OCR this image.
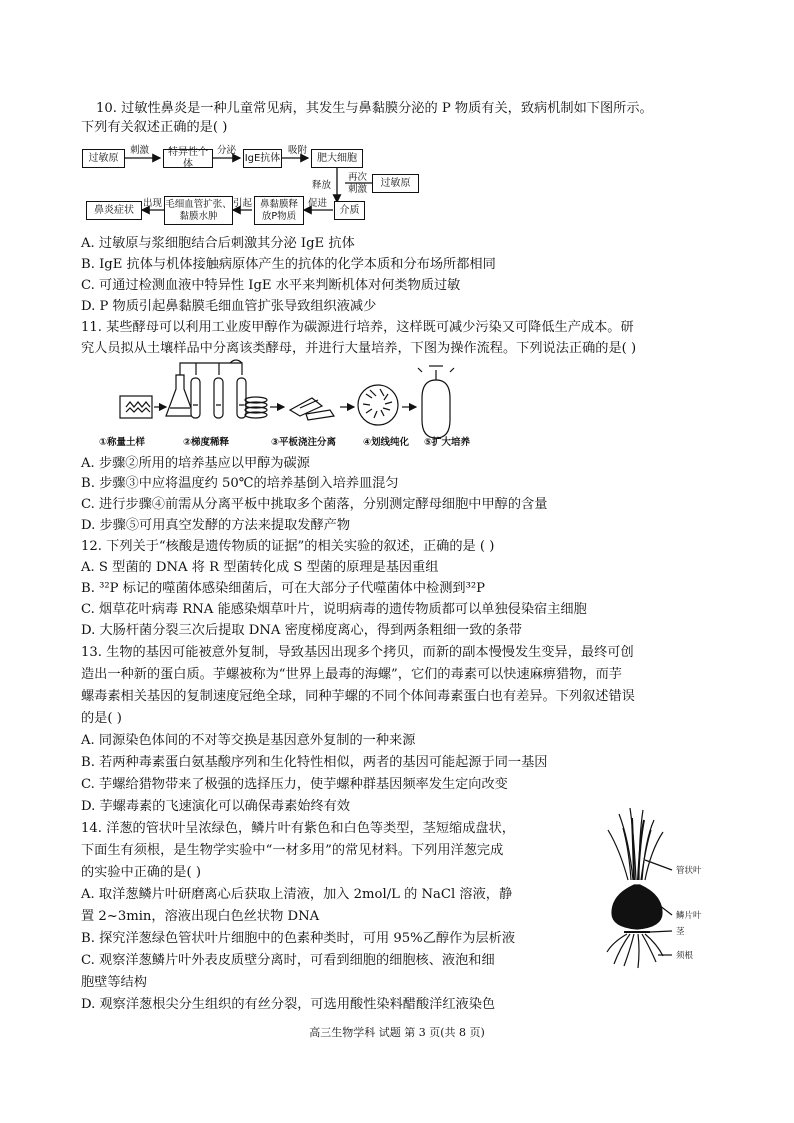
10. 过敏性鼻炎是一种儿童常见病，其发生与鼻黏膜分泌的 P 物质有关，致病机制如下图所示。
下列有关叙述正确的是( )
过敏原
刺激	特异性个体
分泌
IgE抗体
吸附
肥大细胞
释放
再次
刺激
过敏原
介质
促进
鼻黏膜释
放P物质
引起
毛细血管扩张、
黏膜水肿
出现
鼻炎症状
A. 过敏原与浆细胞结合后刺激其分泌 IgE 抗体
B. IgE 抗体与机体接触病原体产生的抗体的化学本质和分布场所都相同
C. 可通过检测血液中特异性 IgE 水平来判断机体对何类物质过敏
D. P 物质引起鼻黏膜毛细血管扩张导致组织液减少
11. 某些酵母可以利用工业废甲醇作为碳源进行培养，这样既可减少污染又可降低生产成本。研
究人员拟从土壤样品中分离该类酵母，并进行大量培养，下图为操作流程。下列说法正确的是( )
①称量土样	②梯度稀释	③平板浇注分离	④划线纯化 ⑤扩大培养
A. 步骤②所用的培养基应以甲醇为碳源
B. 步骤③中应将温度约 50℃的培养基倒入培养皿混匀
C. 进行步骤④前需从分离平板中挑取多个菌落，分别测定酵母细胞中甲醇的含量
D. 步骤⑤可用真空发酵的方法来提取发酵产物
12. 下列关于“核酸是遗传物质的证据”的相关实验的叙述，正确的是 ( )
A. S 型菌的 DNA 将 R 型菌转化成 S 型菌的原理是基因重组
B. ³²P 标记的噬菌体感染细菌后，可在大部分子代噬菌体中检测到³²P
C. 烟草花叶病毒 RNA 能感染烟草叶片，说明病毒的遗传物质都可以单独侵染宿主细胞
D. 大肠杆菌分裂三次后提取 DNA 密度梯度离心，得到两条粗细一致的条带
13. 生物的基因可能被意外复制，导致基因出现多个拷贝，而新的副本慢慢发生变异，最终可创
造出一种新的蛋白质。芋螺被称为“世界上最毒的海螺”，它们的毒素可以快速麻痹猎物，而芋
螺毒素相关基因的复制速度冠绝全球，同种芋螺的不同个体间毒素蛋白也有差异。下列叙述错误
的是( )
A. 同源染色体间的不对等交换是基因意外复制的一种来源
B. 若两种毒素蛋白氨基酸序列和生化特性相似，两者的基因可能起源于同一基因
C. 芋螺给猎物带来了极强的选择压力，使芋螺种群基因频率发生定向改变
D. 芋螺毒素的飞速演化可以确保毒素始终有效
14. 洋葱的管状叶呈浓绿色，鳞片叶有紫色和白色等类型，茎短缩成盘状，
下面生有须根，是生物学实验中“一材多用”的常见材料。下列用洋葱完成
的实验中正确的是( )
A. 取洋葱鳞片叶研磨离心后获取上清液，加入 2mol/L 的 NaCl 溶液，静
置 2~3min，溶液出现白色丝状物 DNA
B. 探究洋葱绿色管状叶片细胞中的色素种类时，可用 95%乙醇作为层析液
C. 观察洋葱鳞片叶外表皮质壁分离时，可看到细胞的细胞核、液泡和细
胞壁等结构
D. 观察洋葱根尖分生组织的有丝分裂，可选用酸性染料醋酸洋红液染色
管状叶
鳞片叶
茎
须根
高三生物学科 试题 第 3 页(共 8 页)
